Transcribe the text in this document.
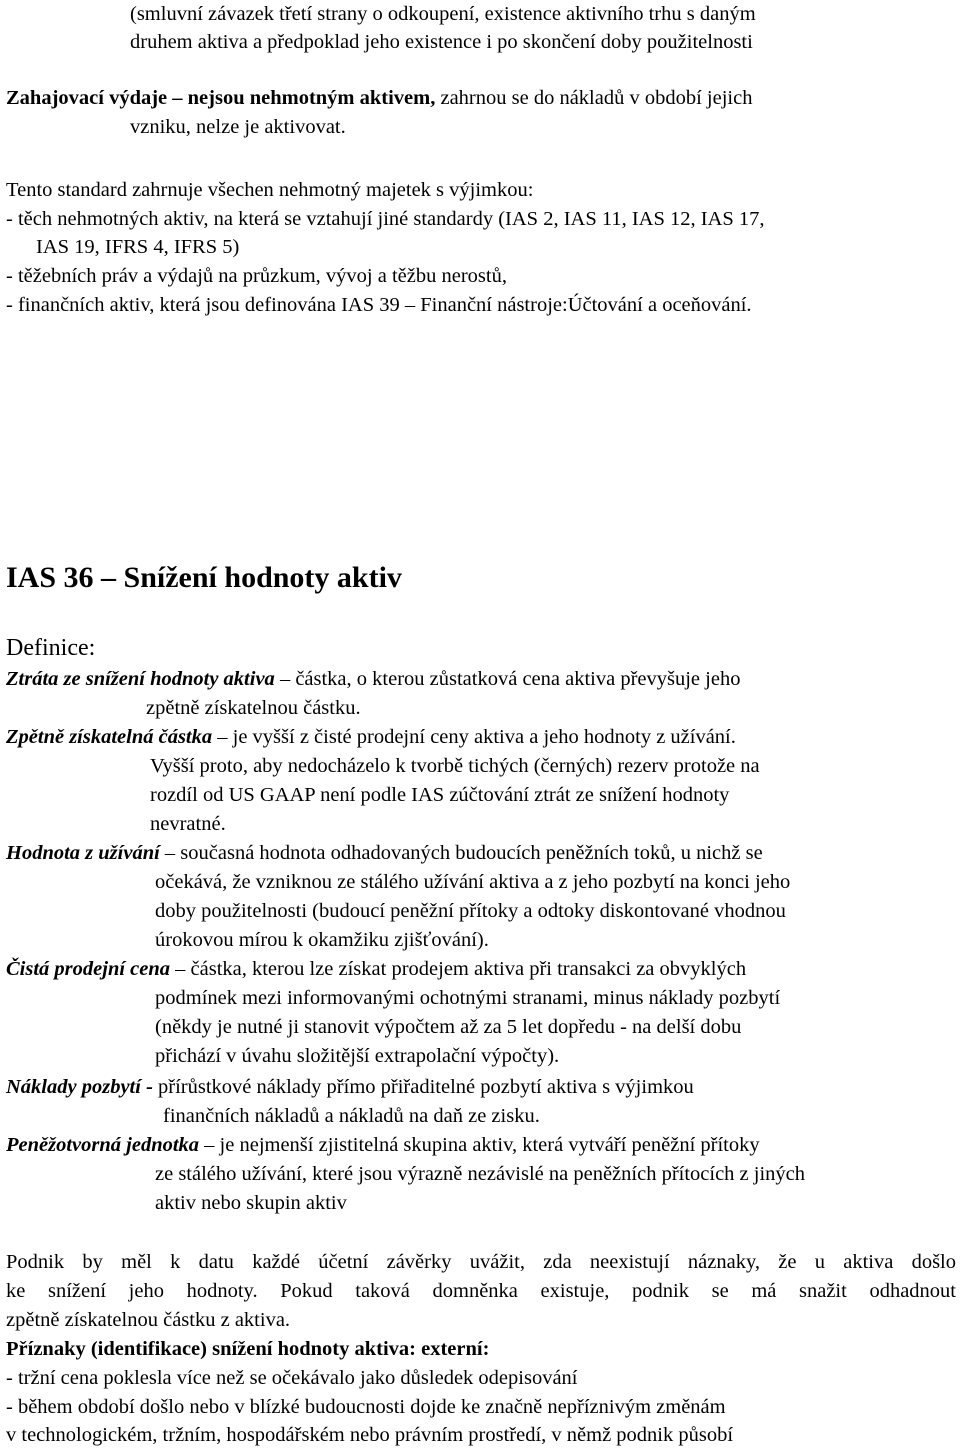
(smluvní závazek třetí strany o odkoupení, existence aktivního trhu s daným
druhem aktiva a předpoklad jeho existence i po skončení doby použitelnosti
Zahajovací výdaje – nejsou nehmotným aktivem, zahrnou se do nákladů v období jejich
vzniku, nelze je aktivovat.
Tento standard zahrnuje všechen nehmotný majetek s výjimkou:
- těch nehmotných aktiv, na která se vztahují jiné standardy (IAS 2, IAS 11, IAS 12, IAS 17,
IAS 19, IFRS 4, IFRS 5)
- těžebních práv a výdajů na průzkum, vývoj a těžbu nerostů,
- finančních aktiv, která jsou definována IAS 39 – Finanční nástroje:Účtování a oceňování.
IAS 36 – Snížení hodnoty aktiv
Definice:
Ztráta ze snížení hodnoty aktiva – částka, o kterou zůstatková cena aktiva převyšuje jeho
zpětně získatelnou částku.
Zpětně získatelná částka – je vyšší z čisté prodejní ceny aktiva a jeho hodnoty z užívání.
Vyšší proto, aby nedocházelo k tvorbě tichých (černých) rezerv protože na
rozdíl od US GAAP není podle IAS zúčtování ztrát ze snížení hodnoty
nevratné.
Hodnota z užívání – současná hodnota odhadovaných budoucích peněžních toků, u nichž se
očekává, že vzniknou ze stálého užívání aktiva a z jeho pozbytí na konci jeho
doby použitelnosti (budoucí peněžní přítoky a odtoky diskontované vhodnou
úrokovou mírou k okamžiku zjišťování).
Čistá prodejní cena – částka, kterou lze získat prodejem aktiva při transakci za obvyklých
podmínek mezi informovanými ochotnými stranami, minus náklady pozbytí
(někdy je nutné ji stanovit výpočtem až za 5 let dopředu - na delší dobu
přichází v úvahu složitější extrapolační výpočty).
Náklady pozbytí - přírůstkové náklady přímo přiřaditelné pozbytí aktiva s výjimkou
finančních nákladů a nákladů na daň ze zisku.
Peněžotvorná jednotka – je nejmenší zjistitelná skupina aktiv, která vytváří peněžní přítoky
ze stálého užívání, které jsou výrazně nezávislé na peněžních přítocích z jiných
aktiv nebo skupin aktiv
Podnik by měl k datu každé účetní závěrky uvážit, zda neexistují náznaky, že u aktiva došlo
ke snížení jeho hodnoty. Pokud taková domněnka existuje, podnik se má snažit odhadnout
zpětně získatelnou částku z aktiva.
Příznaky (identifikace) snížení hodnoty aktiva: externí:
- tržní cena poklesla více než se očekávalo jako důsledek odepisování
- během období došlo nebo v blízké budoucnosti dojde ke značně nepříznivým změnám
v technologickém, tržním, hospodářském nebo právním prostředí, v němž podnik působí
